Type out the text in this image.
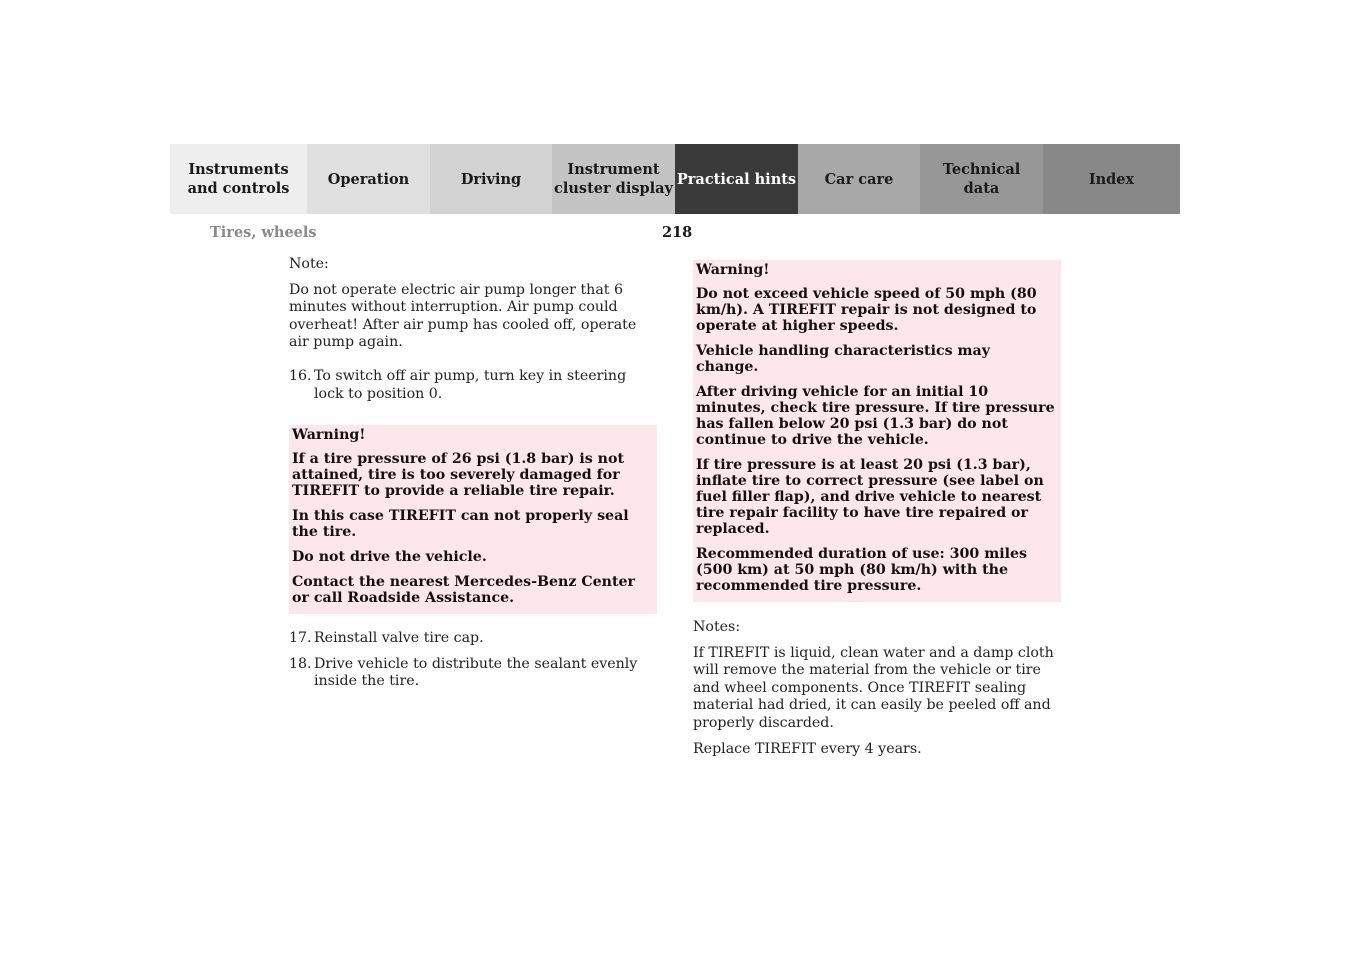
Instruments
and controls
Operation	Driving
Instrument
cluster display
Practical hints Car care
Technical
data
Index
Tires, wheels	218

Note:

Do not operate electric air pump longer that 6 minutes without interruption. Air pump could overheat! After air pump has cooled off, operate air pump again.

16. To switch off air pump, turn key in steering lock to position 0.

Warning!

If a tire pressure of 26 psi (1.8 bar) is not attained, tire is too severely damaged for TIREFIT to provide a reliable tire repair.

In this case TIREFIT can not properly seal the tire.

Do not drive the vehicle.

Contact the nearest Mercedes-Benz Center or call Roadside Assistance.

17. Reinstall valve tire cap.
18. Drive vehicle to distribute the sealant evenly inside the tire.

Warning!

Do not exceed vehicle speed of 50 mph (80 km/h). A TIREFIT repair is not designed to operate at higher speeds.

Vehicle handling characteristics may change.

After driving vehicle for an initial 10 minutes, check tire pressure. If tire pressure has fallen below 20 psi (1.3 bar) do not continue to drive the vehicle.

If tire pressure is at least 20 psi (1.3 bar), inflate tire to correct pressure (see label on fuel filler flap), and drive vehicle to nearest tire repair facility to have tire repaired or replaced.

Recommended duration of use: 300 miles (500 km) at 50 mph (80 km/h) with the recommended tire pressure.

Notes:

If TIREFIT is liquid, clean water and a damp cloth will remove the material from the vehicle or tire and wheel components. Once TIREFIT sealing material had dried, it can easily be peeled off and properly discarded.

Replace TIREFIT every 4 years.
